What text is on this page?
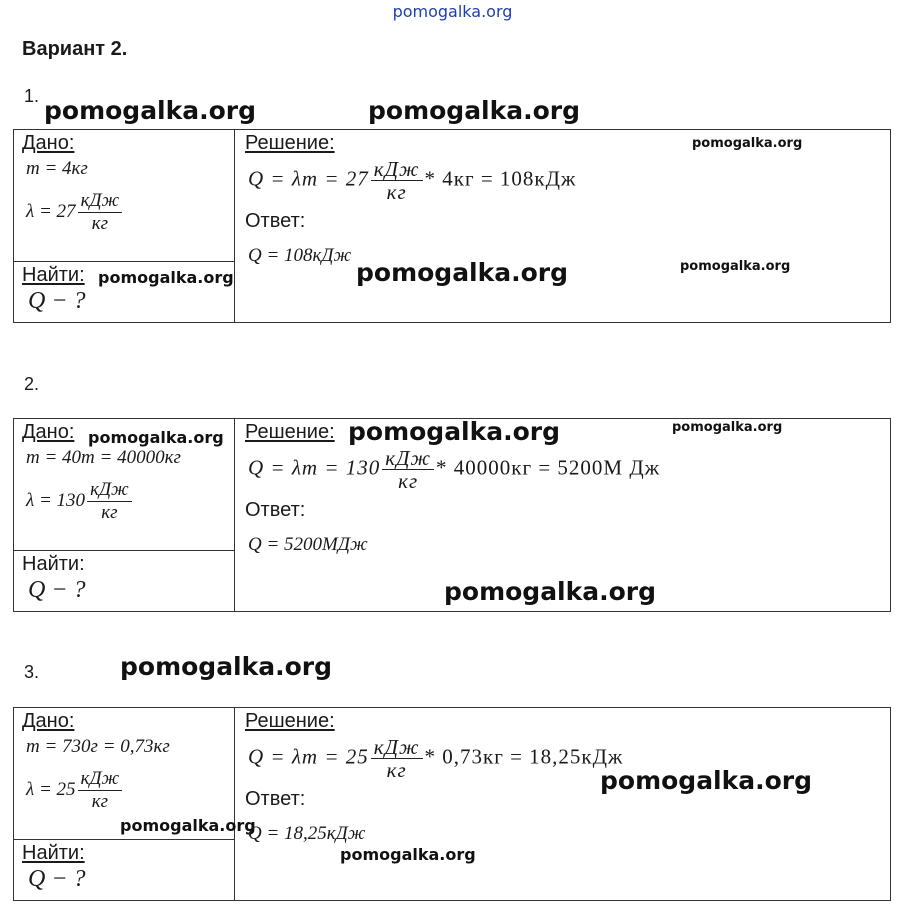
pomogalka.org
Вариант 2.
1. pomogalka.org	pomogalka.org
Дано:
m = 4кг
$\lambda = 27 \frac{\text{кДж}}{кг}$
Найти: pomogalka.org
Q − ?
Решение:	pomogalka.org
$Q = \lambda m = 27 \frac{\text{кДж}}{кг} * 4кг = 108кДж$
Ответ:
Q = 108кДж
pomogalka.org	pomogalka.org
2.
Дано: pomogalka.org
m = 40т = 40000кг
$\lambda = 130 \frac{\text{кДж}}{кг}$
Найти:
Q − ?
Решение: pomogalka.org	pomogalka.org
$Q = \lambda m = 130 \frac{\text{кДж}}{кг} * 40000кг = 5200М$ Дж
Ответ:
Q = 5200МДж
pomogalka.org
3.	pomogalka.org
Дано:
m = 730г = 0,73кг
$\lambda = 25 \frac{\text{кДж}}{кг}$
pomogalka.org
Найти:
Q − ?
Решение:
$Q = \lambda m = 25 \frac{\text{кДж}}{кг} * 0,73кг = 18,25кДж$
pomogalka.org
Ответ:
Q = 18,25кДж
pomogalka.org
